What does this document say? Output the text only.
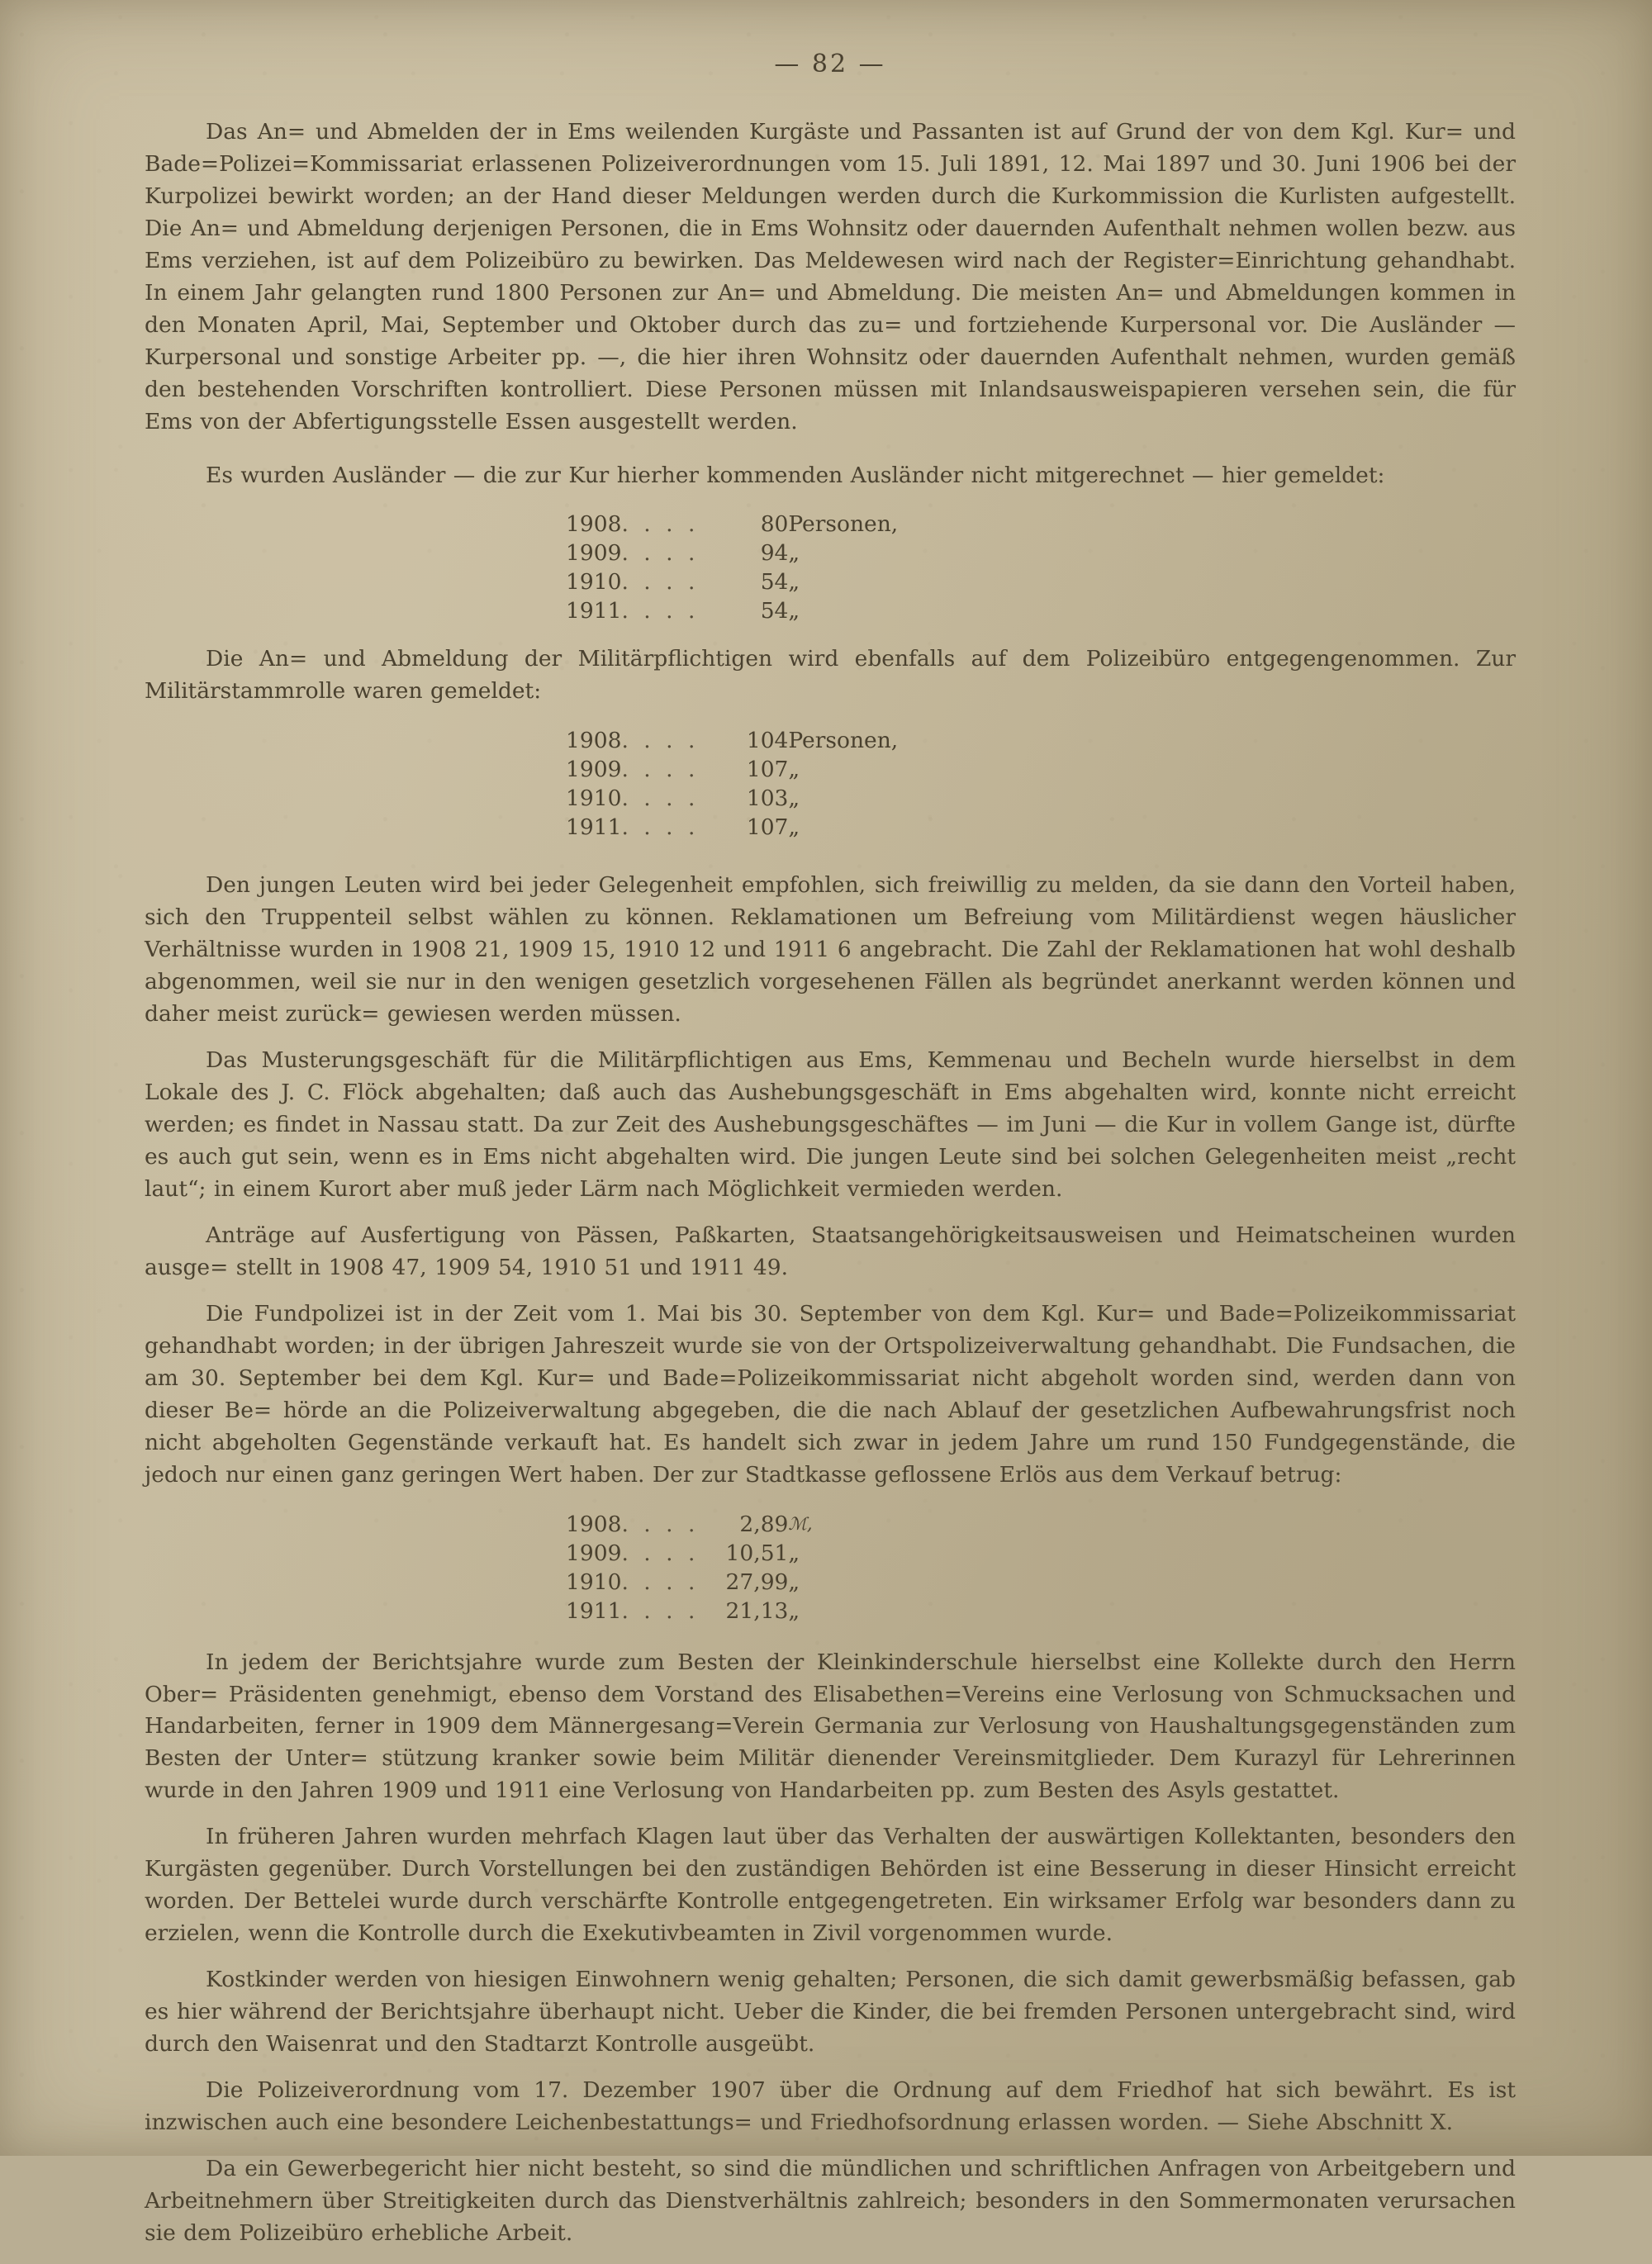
— 82 —

Das An= und Abmelden der in Ems weilenden Kurgäste und Passanten ist auf Grund der von dem Kgl. Kur= und Bade=Polizei=Kommissariat erlassenen Polizeiverordnungen vom 15. Juli 1891, 12. Mai 1897 und 30. Juni 1906 bei der Kurpolizei bewirkt worden; an der Hand dieser Meldungen werden durch die Kurkommission die Kurlisten aufgestellt. Die An= und Abmeldung derjenigen Personen, die in Ems Wohnsitz oder dauernden Aufenthalt nehmen wollen bezw. aus Ems verziehen, ist auf dem Polizeibüro zu bewirken. Das Meldewesen wird nach der Register=Einrichtung gehandhabt. In einem Jahr gelangten rund 1800 Personen zur An= und Abmeldung. Die meisten An= und Abmeldungen kommen in den Monaten April, Mai, September und Oktober durch das zu= und fortziehende Kurpersonal vor. Die Ausländer — Kurpersonal und sonstige Arbeiter pp. —, die hier ihren Wohnsitz oder dauernden Aufenthalt nehmen, wurden gemäß den bestehenden Vorschriften kontrolliert. Diese Personen müssen mit Inlandsausweispapieren versehen sein, die für Ems von der Abfertigungsstelle Essen ausgestellt werden.

Es wurden Ausländer — die zur Kur hierher kommenden Ausländer nicht mitgerechnet — hier gemeldet:

1908	. . . .	80	Personen,
1909	. . . .	94	„
1910	. . . .	54	„
1911	. . . .	54	„

Die An= und Abmeldung der Militärpflichtigen wird ebenfalls auf dem Polizeibüro entgegengenommen. Zur Militärstammrolle waren gemeldet:

1908	. . . .	104	Personen,
1909	. . . .	107	„
1910	. . . .	103	„
1911	. . . .	107	„

Den jungen Leuten wird bei jeder Gelegenheit empfohlen, sich freiwillig zu melden, da sie dann den Vorteil haben, sich den Truppenteil selbst wählen zu können. Reklamationen um Befreiung vom Militärdienst wegen häuslicher Verhältnisse wurden in 1908 21, 1909 15, 1910 12 und 1911 6 angebracht. Die Zahl der Reklamationen hat wohl deshalb abgenommen, weil sie nur in den wenigen gesetzlich vorgesehenen Fällen als begründet anerkannt werden können und daher meist zurück= gewiesen werden müssen.

Das Musterungsgeschäft für die Militärpflichtigen aus Ems, Kemmenau und Becheln wurde hierselbst in dem Lokale des J. C. Flöck abgehalten; daß auch das Aushebungsgeschäft in Ems abgehalten wird, konnte nicht erreicht werden; es findet in Nassau statt. Da zur Zeit des Aushebungsgeschäftes — im Juni — die Kur in vollem Gange ist, dürfte es auch gut sein, wenn es in Ems nicht abgehalten wird. Die jungen Leute sind bei solchen Gelegenheiten meist „recht laut“; in einem Kurort aber muß jeder Lärm nach Möglichkeit vermieden werden.

Anträge auf Ausfertigung von Pässen, Paßkarten, Staatsangehörigkeitsausweisen und Heimatscheinen wurden ausge= stellt in 1908 47, 1909 54, 1910 51 und 1911 49.

Die Fundpolizei ist in der Zeit vom 1. Mai bis 30. September von dem Kgl. Kur= und Bade=Polizeikommissariat gehandhabt worden; in der übrigen Jahreszeit wurde sie von der Ortspolizeiverwaltung gehandhabt. Die Fundsachen, die am 30. September bei dem Kgl. Kur= und Bade=Polizeikommissariat nicht abgeholt worden sind, werden dann von dieser Be= hörde an die Polizeiverwaltung abgegeben, die die nach Ablauf der gesetzlichen Aufbewahrungsfrist noch nicht abgeholten Gegenstände verkauft hat. Es handelt sich zwar in jedem Jahre um rund 150 Fundgegenstände, die jedoch nur einen ganz geringen Wert haben. Der zur Stadtkasse geflossene Erlös aus dem Verkauf betrug:

1908	. . . .	2,89	ℳ,
1909	. . . .	10,51	„
1910	. . . .	27,99	„
1911	. . . .	21,13	„

In jedem der Berichtsjahre wurde zum Besten der Kleinkinderschule hierselbst eine Kollekte durch den Herrn Ober= Präsidenten genehmigt, ebenso dem Vorstand des Elisabethen=Vereins eine Verlosung von Schmucksachen und Handarbeiten, ferner in 1909 dem Männergesang=Verein Germania zur Verlosung von Haushaltungsgegenständen zum Besten der Unter= stützung kranker sowie beim Militär dienender Vereinsmitglieder. Dem Kurazyl für Lehrerinnen wurde in den Jahren 1909 und 1911 eine Verlosung von Handarbeiten pp. zum Besten des Asyls gestattet.

In früheren Jahren wurden mehrfach Klagen laut über das Verhalten der auswärtigen Kollektanten, besonders den Kurgästen gegenüber. Durch Vorstellungen bei den zuständigen Behörden ist eine Besserung in dieser Hinsicht erreicht worden. Der Bettelei wurde durch verschärfte Kontrolle entgegengetreten. Ein wirksamer Erfolg war besonders dann zu erzielen, wenn die Kontrolle durch die Exekutivbeamten in Zivil vorgenommen wurde.

Kostkinder werden von hiesigen Einwohnern wenig gehalten; Personen, die sich damit gewerbsmäßig befassen, gab es hier während der Berichtsjahre überhaupt nicht. Ueber die Kinder, die bei fremden Personen untergebracht sind, wird durch den Waisenrat und den Stadtarzt Kontrolle ausgeübt.

Die Polizeiverordnung vom 17. Dezember 1907 über die Ordnung auf dem Friedhof hat sich bewährt. Es ist inzwischen auch eine besondere Leichenbestattungs= und Friedhofsordnung erlassen worden. — Siehe Abschnitt X.

Da ein Gewerbegericht hier nicht besteht, so sind die mündlichen und schriftlichen Anfragen von Arbeitgebern und Arbeitnehmern über Streitigkeiten durch das Dienstverhältnis zahlreich; besonders in den Sommermonaten verursachen sie dem Polizeibüro erhebliche Arbeit.
